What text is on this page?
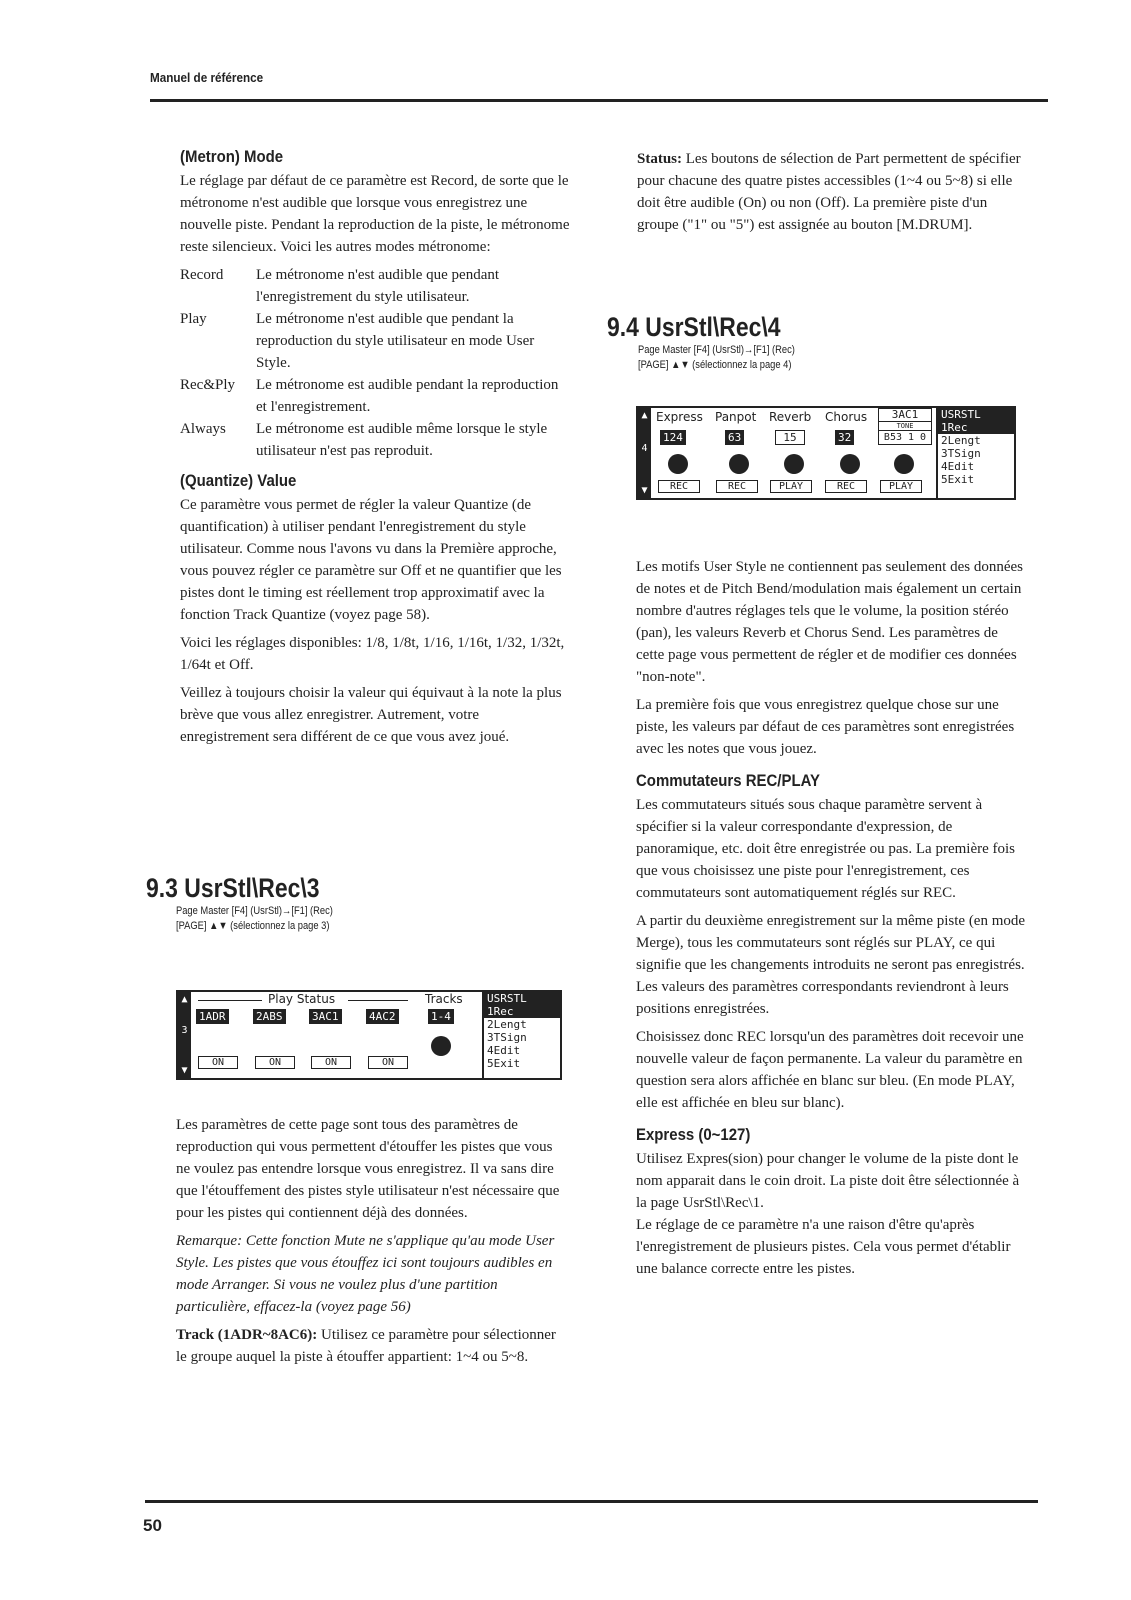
Manuel de référence
(Metron) Mode

Le réglage par défaut de ce paramètre est Record, de sorte que le métronome n'est audible que lorsque vous enregistrez une nouvelle piste. Pendant la reproduction de la piste, le métronome reste silencieux. Voici les autres modes métronome:

Record	Le métronome n'est audible que pendant l'enregistrement du style utilisateur.
Play	Le métronome n'est audible que pendant la reproduction du style utilisateur en mode User Style.
Rec&Ply	Le métronome est audible pendant la reproduction et l'enregistrement.
Always	Le métronome est audible même lorsque le style utilisateur n'est pas reproduit.
(Quantize) Value

Ce paramètre vous permet de régler la valeur Quantize (de quantification) à utiliser pendant l'enregistrement du style utilisateur. Comme nous l'avons vu dans la Première approche, vous pouvez régler ce paramètre sur Off et ne quantifier que les pistes dont le timing est réellement trop approximatif avec la fonction Track Quantize (voyez page 58).

Voici les réglages disponibles: 1/8, 1/8t, 1/16, 1/16t, 1/32, 1/32t, 1/64t et Off.

Veillez à toujours choisir la valeur qui équivaut à la note la plus brève que vous allez enregistrer. Autrement, votre enregistrement sera différent de ce que vous avez joué.

9.3 UsrStl\Rec\3
Page Master [F4] (UsrStl)→[F1] (Rec)
[PAGE] ▲▼ (sélectionnez la page 3)
▲
3
▼
Play Status	Tracks
1ADR	2ABS	3AC1	4AC2	1-4
ON	ON	ON	ON
USRSTL
1Rec
2Lengt
3TSign
4Edit
5Exit

Les paramètres de cette page sont tous des paramètres de reproduction qui vous permettent d'étouffer les pistes que vous ne voulez pas entendre lorsque vous enregistrez. Il va sans dire que l'étouffement des pistes style utilisateur n'est nécessaire que pour les pistes qui contiennent déjà des données.

Remarque: Cette fonction Mute ne s'applique qu'au mode User Style. Les pistes que vous étouffez ici sont toujours audibles en mode Arranger. Si vous ne voulez plus d'une partition particulière, effacez-la (voyez page 56)

Track (1ADR~8AC6): Utilisez ce paramètre pour sélectionner le groupe auquel la piste à étouffer appartient: 1~4 ou 5~8.

Status: Les boutons de sélection de Part permettent de spécifier pour chacune des quatre pistes accessibles (1~4 ou 5~8) si elle doit être audible (On) ou non (Off). La première piste d'un groupe ("1" ou "5") est assignée au bouton [M.DRUM].

9.4 UsrStl\Rec\4
Page Master [F4] (UsrStl)→[F1] (Rec)
[PAGE] ▲▼ (sélectionnez la page 4)
▲
4
▼
Express Panpot Reverb Chorus	3AC1
TONE
124	63	15	32	B53 1 0
REC	REC	PLAY	REC	PLAY
USRSTL
1Rec
2Lengt
3TSign
4Edit
5Exit

Les motifs User Style ne contiennent pas seulement des données de notes et de Pitch Bend/modulation mais également un certain nombre d'autres réglages tels que le volume, la position stéréo (pan), les valeurs Reverb et Chorus Send. Les paramètres de cette page vous permettent de régler et de modifier ces données "non-note".

La première fois que vous enregistrez quelque chose sur une piste, les valeurs par défaut de ces paramètres sont enregistrées avec les notes que vous jouez.

Commutateurs REC/PLAY

Les commutateurs situés sous chaque paramètre servent à spécifier si la valeur correspondante d'expression, de panoramique, etc. doit être enregistrée ou pas. La première fois que vous choisissez une piste pour l'enregistrement, ces commutateurs sont automatiquement réglés sur REC.

A partir du deuxième enregistrement sur la même piste (en mode Merge), tous les commutateurs sont réglés sur PLAY, ce qui signifie que les changements introduits ne seront pas enregistrés. Les valeurs des paramètres correspondants reviendront à leurs positions enregistrées.

Choisissez donc REC lorsqu'un des paramètres doit recevoir une nouvelle valeur de façon permanente. La valeur du paramètre en question sera alors affichée en blanc sur bleu. (En mode PLAY, elle est affichée en bleu sur blanc).

Express (0~127)

Utilisez Expres(sion) pour changer le volume de la piste dont le nom apparait dans le coin droit. La piste doit être sélectionnée à la page UsrStl\Rec\1.

Le réglage de ce paramètre n'a une raison d'être qu'après l'enregistrement de plusieurs pistes. Cela vous permet d'établir une balance correcte entre les pistes.

50
